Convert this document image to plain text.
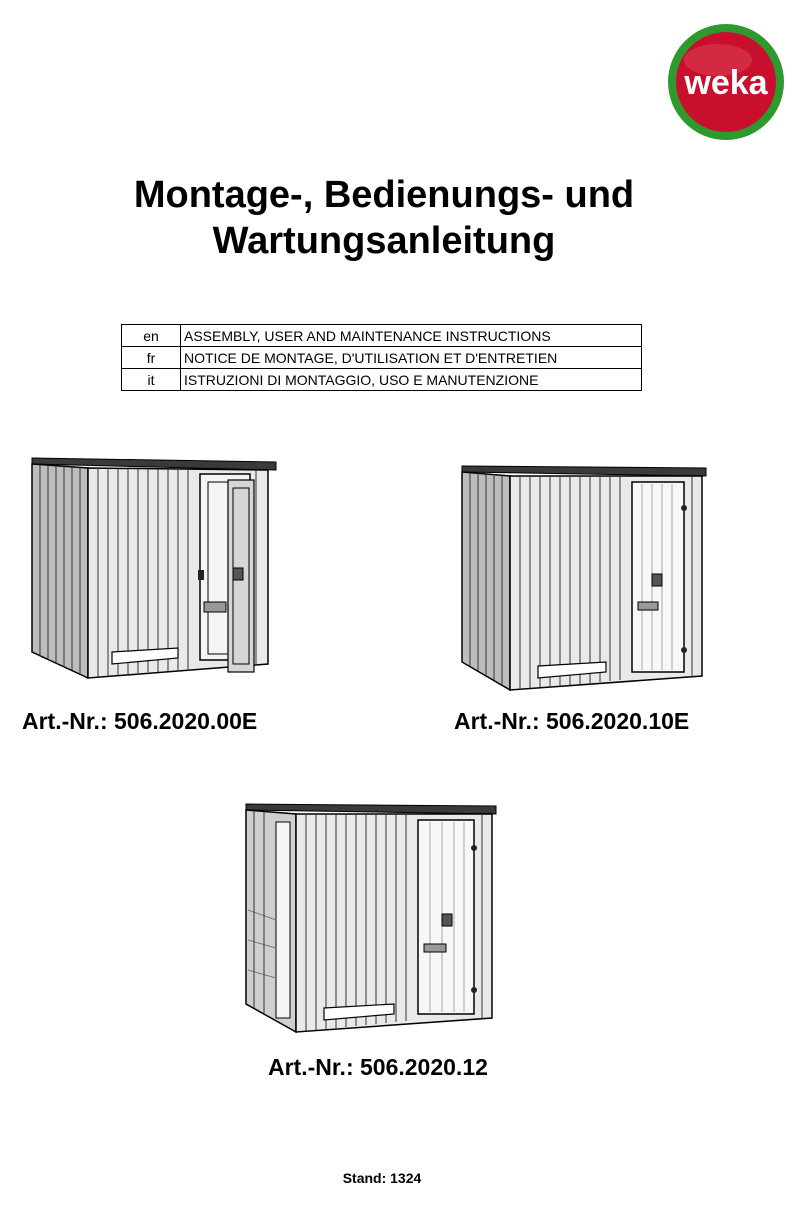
weka
Montage-, Bedienungs- und
Wartungsanleitung
en	ASSEMBLY, USER AND MAINTENANCE INSTRUCTIONS
fr	NOTICE DE MONTAGE, D'UTILISATION ET D'ENTRETIEN
it	ISTRUZIONI DI MONTAGGIO, USO E MANUTENZIONE

Art.-Nr.: 506.2020.00E	Art.-Nr.: 506.2020.10E

Art.-Nr.: 506.2020.12

Stand: 1324
